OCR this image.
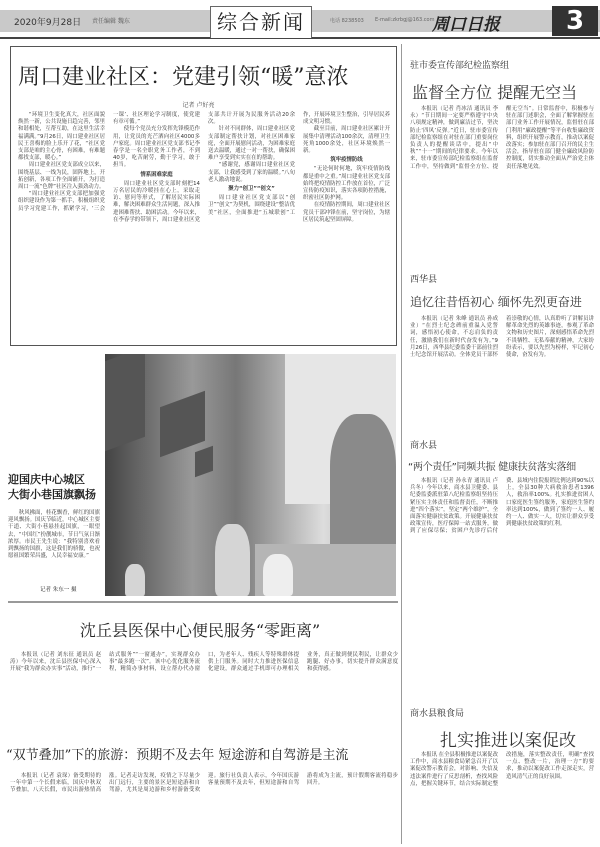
2020年9月28日 责任编辑 魏东	综合新闻	电话 8238503 E-mail:zkrbgj@163.com
周口日报	3
周口建业社区：党建引领“暖”意浓
记者 卢好亮

“环境卫生变化真大，社区面貌焕然一新，公共设施日趋完善，邻里和谐相处，互帮互助，在这里生活幸福满满。”9月26日，周口建业社区居民王喜梅的脸上乐开了花，“社区党支部是咱的主心骨，有困难，有难题都找支部，暖心。”

周口建业社区党支部成立以来，围绕基层、一线为民，固阵地上，开拓创新，各项工作全面铺开，为打造周口一流“色牌”社区注入强劲动力。

“周口建业社区党支部把加强党组织建设作为第一抓手，积极组织党员学习党建工作，抓紧学习，‘三会一课’、社区理论学习制度，使党建有章可循。”

使每个党员充分发挥先锋模范作用，让党员的光芒洒向社区4000多户家庭。周口建业社区党支部书记李春学是一名全职党务工作者，不到40岁，吃苦耐劳，勤于学习，敢于担当。

情系困难家庭

周口建业社区党支部时刻把14万名居民的冷暖挂在心上，采取走访、慰问等形式，了解居民实际困难，解决困难群众生活问题，深入推进困难帮扶、助困活动。今年以来，在李春学的带领下，周口建业社区党支部共计开展为民服务活动20余次。

针对不同群体，周口建业社区党支部制定帮扶计划，对社区困难家庭，全面开展慰问活动，为困难家庭送去温暖，通过一对一帮扶，确保困难户享受到实实在在的帮助。

“感谢党，感谢周口建业社区党支部，让我感受到了家的温暖。”八旬老人激动地说。

聚力“创卫”“创文”

周口建业社区党支部以“创卫”“创文”为契机，围绕建设“整洁优美”社区，全面推进“五城联创”工作，开展环境卫生整治，引导居民养成文明习惯。

截至目前，周口建业社区累计开展集中清理活动100余次，清理卫生死角1000余处，社区环境焕然一新。

筑牢疫情防线

“无论何时何地，筑牢疫情防线都是重中之重。”周口建业社区党支部始终把疫情防控工作放在首位，广泛宣传防疫知识，落实各项防控措施，织密社区防护网。

在疫情防控期间，周口建业社区党员干部冲锋在前，坚守岗位，为辖区居民筑起坚固屏障。

迎国庆中心城区
大街小巷国旗飘扬

秋风拂面，桂花飘香，鲜红的国旗迎风飘扬。国庆节临近，中心城区主要干道、大街小巷悬挂起国旗，一眼望去，“中国红”扮靓城市，节日气氛日渐浓厚。市民王先生说：“我特别喜欢看到飘扬的国旗，这是我们的骄傲，也祝愿祖国繁荣昌盛，人民幸福安康。”

记者 朱东一 摄
沈丘县医保中心便民服务“零距离”

本报讯（记者 刘东征 通讯员 赵涛）今年以来，沈丘县医保中心深入开展“我为群众办实事”活动，推行“一站式服务”“一窗通办”，实现群众办事“最多跑一次”。该中心优化服务流程，精简办事材料，设立帮办代办窗口，为老年人、残疾人等特殊群体提供上门服务。同时大力推进医保信息化建设，群众通过手机即可办理相关业务，真正做到便民利民，让群众少跑腿、好办事，切实提升群众满意度和获得感。

“双节叠加”下的旅游：预期不及去年 短途游和自驾游是主流

本报讯（记者 袁琛）备受期待的一年中第一个长假来临，国庆中秋双节叠加，八天长假，市民出游热情高涨。记者走访发现，疫情之下尽量少出门远行，主要的景区是短途游和自驾游，尤其是周边游和乡村游备受欢迎。旅行社负责人表示，今年国庆游客量预期不及去年，但短途游和自驾游将成为主流，预计假期客流将稳步回升。

驻市委宣传部纪检监察组
监督全方位 提醒无空当

本报讯（记者 肖冰洁 通讯员 李永）“节日期间一定要严格遵守中央八项规定精神，做到廉洁过节，坚决防止‘四风’反弹。”近日，驻市委宣传部纪检监察组在对驻在部门重要岗位负责人的提醒谈话中，提出“中秋”“十一”期间的纪律要求。今年以来，驻市委宣传部纪检监察组在监督工作中，坚持做到“监督全方位、提醒无空当”。日常监督中，积极参与驻在部门述职会，全面了解掌握驻在部门业务工作开展情况，监督驻在部门利用“廉政提醒”等平台收集廉政资料，组织开展警示教育，推动以案促改落实；参加驻在部门召开的民主生活会，指导驻在部门健全廉政风险防控制度，切实推动全面从严治党主体责任落地见效。

西华县
追忆往昔悟初心 缅怀先烈更奋进

本报讯（记者 朱峰 通讯员 孙成业）“在烈士纪念碑前重温入党誓词，感悟初心使命，不忘肩负的责任，激励我们在新时代奋发有为。”9月26日，西华县纪委监委干部前往烈士纪念馆开展活动。全体党员干部怀着崇敬的心情，认真聆听了讲解员讲解革命先烈的英雄事迹，参观了革命文物和历史图片，深刻感悟革命先烈不畏牺牲、无私奉献的精神，大家纷纷表示，要以先烈为榜样，牢记初心使命，奋发有为。

商水县
“两个责任”同频共振 健康扶贫落实落细

本报讯（记者 孙永青 通讯员 卢兵冬）今年以来，商水县卫健委、县纪委监委派驻第八纪检监察组坚持压紧压实主体责任和监督责任，不断推进“四个落实”，坚定“两个维护”，全面落实健康扶贫政策。开展健康扶贫政策宣传，医疗保障一站式服务，做到了应保尽保；贫困户先诊疗后付费、县域内住院报销比例达到90%以上，全县30种大病救治患者1396人，救治率100%。扎实推进贫困人口家庭医生签约服务，家庭医生签约率达到100%，做到了签约一人、履约一人、做实一人，切实让群众享受到健康扶贫政策的红利。

商水县粮食局
扎实推进以案促改

本报讯 在全县积极推进以案促改工作中，商水县粮食局紧急召开了以案促改警示教育会，对影响、失信及违法案件进行了反思剖析，查找风险点，把握关键环节，结合实际制定整改措施，落实整改责任，明确“查找一点、整改一片，治理一方”的要求，推动以案促改工作走深走实，营造风清气正的良好氛围。
